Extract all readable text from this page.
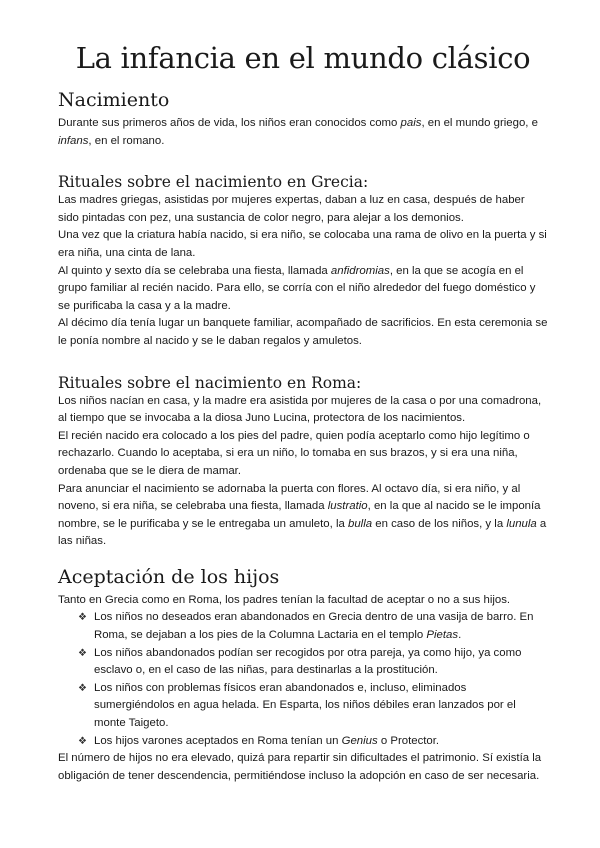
La infancia en el mundo clásico
Nacimiento

Durante sus primeros años de vida, los niños eran conocidos como pais, en el mundo griego, e infans, en el romano.

Rituales sobre el nacimiento en Grecia:

Las madres griegas, asistidas por mujeres expertas, daban a luz en casa, después de haber sido pintadas con pez, una sustancia de color negro, para alejar a los demonios.

Una vez que la criatura había nacido, si era niño, se colocaba una rama de olivo en la puerta y si era niña, una cinta de lana.

Al quinto y sexto día se celebraba una fiesta, llamada anfidromias, en la que se acogía en el grupo familiar al recién nacido. Para ello, se corría con el niño alrededor del fuego doméstico y se purificaba la casa y a la madre.

Al décimo día tenía lugar un banquete familiar, acompañado de sacrificios. En esta ceremonia se le ponía nombre al nacido y se le daban regalos y amuletos.

Rituales sobre el nacimiento en Roma:

Los niños nacían en casa, y la madre era asistida por mujeres de la casa o por una comadrona, al tiempo que se invocaba a la diosa Juno Lucina, protectora de los nacimientos.

El recién nacido era colocado a los pies del padre, quien podía aceptarlo como hijo legítimo o rechazarlo. Cuando lo aceptaba, si era un niño, lo tomaba en sus brazos, y si era una niña, ordenaba que se le diera de mamar.

Para anunciar el nacimiento se adornaba la puerta con flores. Al octavo día, si era niño, y al noveno, si era niña, se celebraba una fiesta, llamada lustratio, en la que al nacido se le imponía nombre, se le purificaba y se le entregaba un amuleto, la bulla en caso de los niños, y la lunula a las niñas.

Aceptación de los hijos

Tanto en Grecia como en Roma, los padres tenían la facultad de aceptar o no a sus hijos.

❖ Los niños no deseados eran abandonados en Grecia dentro de una vasija de barro. En Roma, se dejaban a los pies de la Columna Lactaria en el templo Pietas.
❖ Los niños abandonados podían ser recogidos por otra pareja, ya como hijo, ya como esclavo o, en el caso de las niñas, para destinarlas a la prostitución.
❖ Los niños con problemas físicos eran abandonados e, incluso, eliminados sumergiéndolos en agua helada. En Esparta, los niños débiles eran lanzados por el monte Taigeto.
❖ Los hijos varones aceptados en Roma tenían un Genius o Protector.

El número de hijos no era elevado, quizá para repartir sin dificultades el patrimonio. Sí existía la obligación de tener descendencia, permitiéndose incluso la adopción en caso de ser necesaria.
